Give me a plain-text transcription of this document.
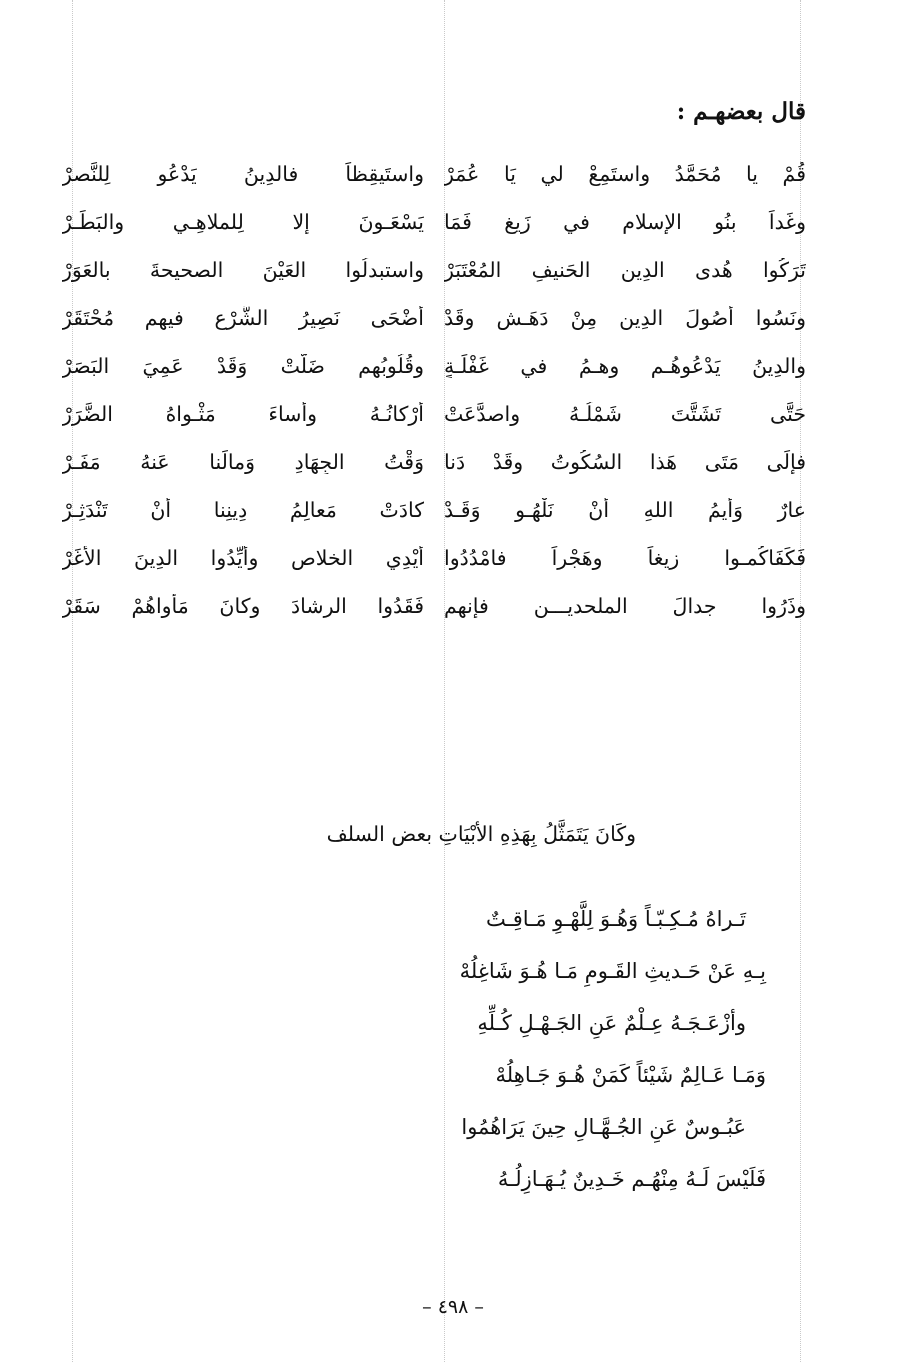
قال بعضهـم :
قُمْ يا مُحَمَّدُ واستَمِعْ لي يَا عُمَرْ
واستَيقِظاً فالدِينُ يَدْعُو لِلنَّصرْ
وغَداً بنُو الإسلامِ في زَيغٍ فَمَا
يَسْعَـونَ إلا لِلملاهِـي والبَطَـرْ
تَرَكُوا هُدى الدِينِ الحَنيفِ المُعْتَبَرْ
واستبدلُوا العَيْنَ الصحيحةَ بالعَوَرْ
ونَسُوا أُصُولَ الدِينِ مِنْ دَهَـشٍ وقَدْ
أَضْحَى نَصِيرُ الشَّرْعِ فيهم مُحْتَقَرْ
والدِينُ يَدْعُوهُـم وهـمُ في غَفْلَـةٍ
وقُلُوبُهم ضَلَّتْ وَقَدْ عَمِيَ البَصَرْ
حَتَّى تَشَتَّتَ شَمْلُـهُ واصدَّعَتْ
أَرْكانُـهُ وأساءَ مَثْـواهُ الضَّرَرْ
فإلَى مَتَى هَذا السُكُوتُ وقَدْ دَنا
وَقْتُ الجِهَادِ وَمالَنا عَنهُ مَفَـرْ
عارٌ وَأيمُ اللهِ أنْ نَلْهُـو وَقَـدْ
كادَتْ مَعالِمُ دِينِنا أنْ تَنْدَثِـرْ
فَكَفَاكُمـوا زيغاً وهَجْراً فامْدُدُوا
أيْدِي الخلاصِ وأيِّدُوا الدِينَ الأغَرْ
وذَرُوا جدالَ الملحديـــن فإنهم
فَقَدُوا الرشادَ وكانَ مَأواهُمْ سَقَرْ
وكَانَ يَتَمَثَّلُ بِهَذِهِ الأبْيَاتِ بعض السلف
تَـراهُ مُـكِـبّـاً وَهُـوَ لِلَّهْـوِ مَـاقِـتٌ
بِـهِ عَنْ حَـديثِ القَـومِ مَـا هُـوَ شَاغِلُهْ
وأزْعَـجَـهُ عِـلْمٌ عَنِ الجَـهْـلِ كُـلِّهِ
وَمَـا عَـالِمٌ شَيْئاً كَمَنْ هُـوَ جَـاهِلُهْ
عَبُـوسٌ عَنِ الجُـهَّـالِ حِينَ يَرَاهُمُوا
فَلَيْسَ لَـهُ مِنْهُـم خَـدِينٌ يُـهَـازِلُـهُ
– ٤٩٨ –
